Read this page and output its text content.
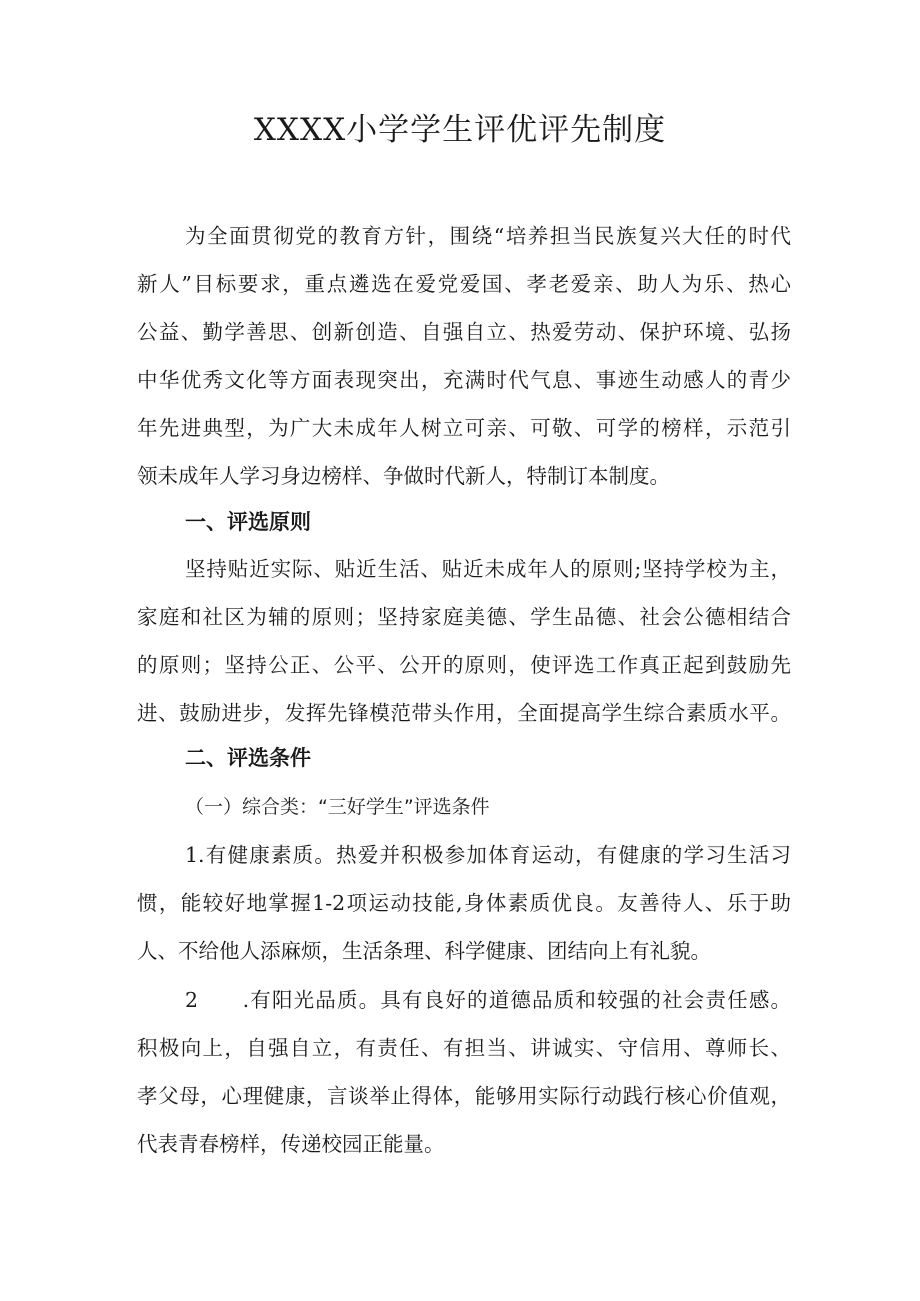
XXXX小学学生评优评先制度
为全面贯彻党的教育方针，围绕“培养担当民族复兴大任的时代
新人”目标要求，重点遴选在爱党爱国、孝老爱亲、助人为乐、热心
公益、勤学善思、创新创造、自强自立、热爱劳动、保护环境、弘扬
中华优秀文化等方面表现突出，充满时代气息、事迹生动感人的青少
年先进典型，为广大未成年人树立可亲、可敬、可学的榜样，示范引
领未成年人学习身边榜样、争做时代新人，特制订本制度。
一、评选原则
坚持贴近实际、贴近生活、贴近未成年人的原则;坚持学校为主，
家庭和社区为辅的原则；坚持家庭美德、学生品德、社会公德相结合
的原则；坚持公正、公平、公开的原则，使评选工作真正起到鼓励先
进、鼓励进步，发挥先锋模范带头作用，全面提高学生综合素质水平。
二、评选条件
（一）综合类：“三好学生”评选条件
1.有健康素质。热爱并积极参加体育运动，有健康的学习生活习
惯，能较好地掌握1-2项运动技能,身体素质优良。友善待人、乐于助
人、不给他人添麻烦，生活条理、科学健康、团结向上有礼貌。
2　　.有阳光品质。具有良好的道德品质和较强的社会责任感。
积极向上，自强自立，有责任、有担当、讲诚实、守信用、尊师长、
孝父母，心理健康，言谈举止得体，能够用实际行动践行核心价值观，
代表青春榜样，传递校园正能量。
